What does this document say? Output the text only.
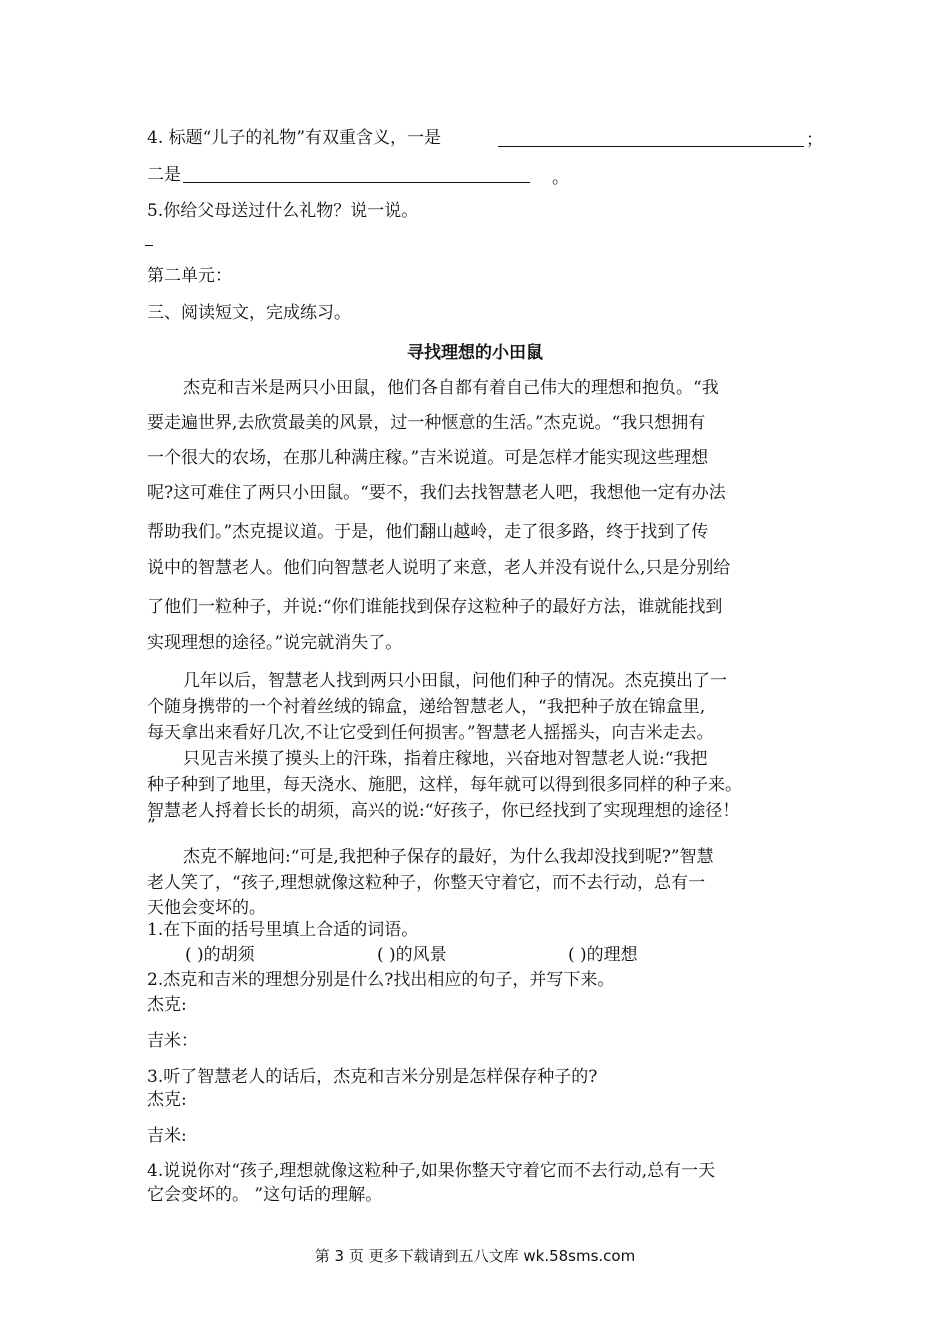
4. 标题“儿子的礼物”有双重含义，一是	；
二是	。
5.你给父母送过什么礼物？说一说。
第二单元：
三、阅读短文，完成练习。
寻找理想的小田鼠
杰克和吉米是两只小田鼠，他们各自都有着自己伟大的理想和抱负。“我
要走遍世界,去欣赏最美的风景，过一种惬意的生活。”杰克说。“我只想拥有
一个很大的农场，在那儿种满庄稼。”吉米说道。可是怎样才能实现这些理想
呢?这可难住了两只小田鼠。“要不，我们去找智慧老人吧，我想他一定有办法
帮助我们。”杰克提议道。于是，他们翻山越岭，走了很多路，终于找到了传
说中的智慧老人。他们向智慧老人说明了来意，老人并没有说什么,只是分别给
了他们一粒种子，并说:“你们谁能找到保存这粒种子的最好方法，谁就能找到
实现理想的途径。”说完就消失了。
几年以后，智慧老人找到两只小田鼠，问他们种子的情况。杰克摸出了一
个随身携带的一个衬着丝绒的锦盒，递给智慧老人，“我把种子放在锦盒里,
每天拿出来看好几次,不让它受到任何损害。”智慧老人摇摇头，向吉米走去。
只见吉米摸了摸头上的汗珠，指着庄稼地，兴奋地对智慧老人说:“我把
种子种到了地里，每天浇水、施肥，这样，每年就可以得到很多同样的种子来。
智慧老人捋着长长的胡须，高兴的说:“好孩子，你已经找到了实现理想的途径！
”
杰克不解地问:“可是,我把种子保存的最好，为什么我却没找到呢?”智慧
老人笑了，“孩子,理想就像这粒种子，你整天守着它，而不去行动，总有一
天他会变坏的。
1.在下面的括号里填上合适的词语。
( )的胡须	( )的风景	( )的理想
2.杰克和吉米的理想分别是什么?找出相应的句子，并写下来。
杰克:
吉米：
3.听了智慧老人的话后，杰克和吉米分别是怎样保存种子的?
杰克:
吉米:
4.说说你对“孩子,理想就像这粒种子,如果你整天守着它而不去行动,总有一天
它会变坏的。 ”这句话的理解。
第 3 页 更多下载请到五八文库 wk.58sms.com
